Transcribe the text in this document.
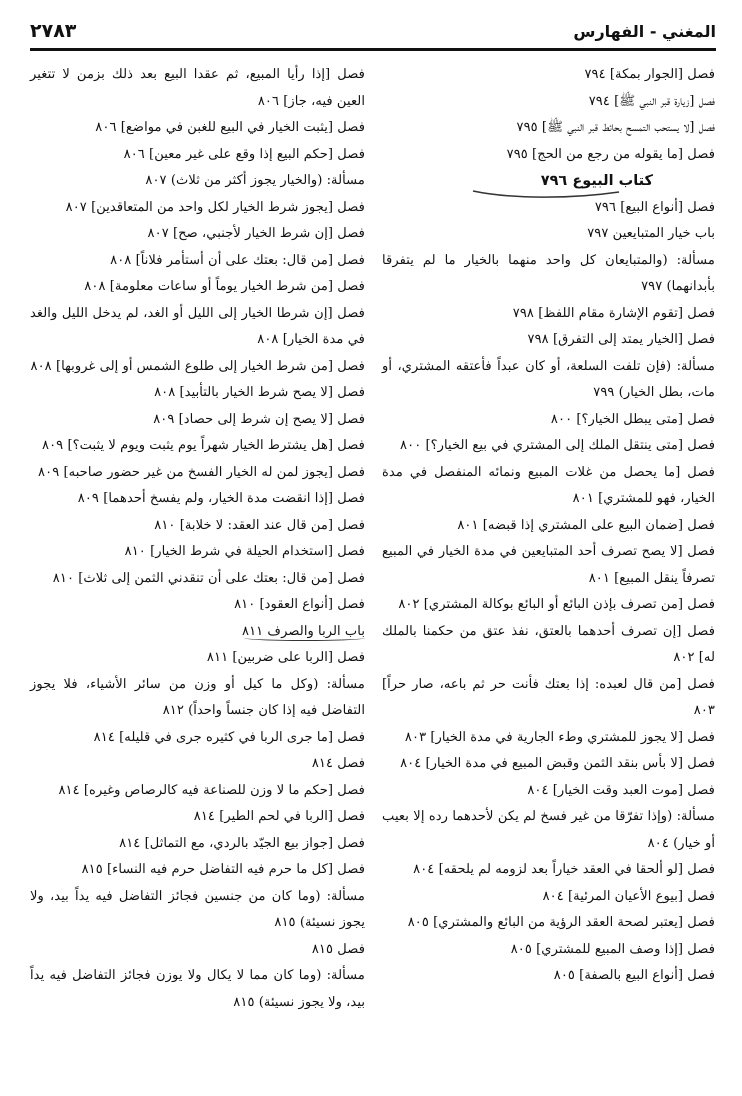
المغني - الفهارس
٢٧٨٣
فصل [الجوار بمكة] ٧٩٤
فصل [زيارة قبر النبي ﷺ] ٧٩٤
فصل [لا يستحب التمسح بحائط قبر النبي ﷺ] ٧٩٥
فصل [ما يقوله من رجع من الحج] ٧٩٥
كتاب البيوع ٧٩٦
فصل [أنواع البيع] ٧٩٦
باب خيار المتبايعين ٧٩٧
مسألة: (والمتبايعان كل واحد منهما بالخيار ما لم يتفرقا بأبدانهما) ٧٩٧
فصل [تقوم الإشارة مقام اللفظ] ٧٩٨
فصل [الخيار يمتد إلى التفرق] ٧٩٨
مسألة: (فإن تلفت السلعة، أو كان عبداً فأعتقه المشتري، أو مات، بطل الخيار) ٧٩٩
فصل [متى يبطل الخيار؟] ٨٠٠
فصل [متى ينتقل الملك إلى المشتري في بيع الخيار؟] ٨٠٠
فصل [ما يحصل من غلات المبيع ونمائه المنفصل في مدة الخيار، فهو للمشتري] ٨٠١
فصل [ضمان البيع على المشتري إذا قبضه] ٨٠١
فصل [لا يصح تصرف أحد المتبايعين في مدة الخيار في المبيع تصرفاً ينقل المبيع] ٨٠١
فصل [من تصرف بإذن البائع أو البائع بوكالة المشتري] ٨٠٢
فصل [إن تصرف أحدهما بالعتق، نفذ عتق من حكمنا بالملك له] ٨٠٢
فصل [من قال لعبده: إذا بعتك فأنت حر ثم باعه، صار حراً] ٨٠٣
فصل [لا يجوز للمشتري وطء الجارية في مدة الخيار] ٨٠٣
فصل [لا بأس بنقد الثمن وقبض المبيع في مدة الخيار] ٨٠٤
فصل [موت العبد وقت الخيار] ٨٠٤
مسألة: (وإذا تفرّقا من غير فسخ لم يكن لأحدهما رده إلا بعيب أو خيار) ٨٠٤
فصل [لو ألحقا في العقد خياراً بعد لزومه لم يلحقه] ٨٠٤
فصل [بيوع الأعيان المرئية] ٨٠٤
فصل [يعتبر لصحة العقد الرؤية من البائع والمشتري] ٨٠٥
فصل [إذا وصف المبيع للمشتري] ٨٠٥
فصل [أنواع البيع بالصفة] ٨٠٥
فصل [إذا رأيا المبيع، ثم عقدا البيع بعد ذلك بزمن لا تتغير العين فيه، جاز] ٨٠٦
فصل [يثبت الخيار في البيع للغبن في مواضع] ٨٠٦
فصل [حكم البيع إذا وقع على غير معين] ٨٠٦
مسألة: (والخيار يجوز أكثر من ثلاث) ٨٠٧
فصل [يجوز شرط الخيار لكل واحد من المتعاقدين] ٨٠٧
فصل [إن شرط الخيار لأجنبي، صح] ٨٠٧
فصل [من قال: بعتك على أن أستأمر فلاناً] ٨٠٨
فصل [من شرط الخيار يوماً أو ساعات معلومة] ٨٠٨
فصل [إن شرطا الخيار إلى الليل أو الغد، لم يدخل الليل والغد في مدة الخيار] ٨٠٨
فصل [من شرط الخيار إلى طلوع الشمس أو إلى غروبها] ٨٠٨
فصل [لا يصح شرط الخيار بالتأبيد] ٨٠٨
فصل [لا يصح إن شرط إلى حصاد] ٨٠٩
فصل [هل يشترط الخيار شهراً يوم يثبت ويوم لا يثبت؟] ٨٠٩
فصل [يجوز لمن له الخيار الفسخ من غير حضور صاحبه] ٨٠٩
فصل [إذا انقضت مدة الخيار، ولم يفسخ أحدهما] ٨٠٩
فصل [من قال عند العقد: لا خلابة] ٨١٠
فصل [استخدام الحيلة في شرط الخيار] ٨١٠
فصل [من قال: بعتك على أن تنقدني الثمن إلى ثلاث] ٨١٠
فصل [أنواع العقود] ٨١٠
باب الربا والصرف ٨١١
فصل [الربا على ضربين] ٨١١
مسألة: (وكل ما كيل أو وزن من سائر الأشياء، فلا يجوز التفاضل فيه إذا كان جنساً واحداً) ٨١٢
فصل [ما جرى الربا في كثيره جرى في قليله] ٨١٤
فصل ٨١٤
فصل [حكم ما لا وزن للصناعة فيه كالرصاص وغيره] ٨١٤
فصل [الربا في لحم الطير] ٨١٤
فصل [جواز بيع الجيّد بالردي، مع التماثل] ٨١٤
فصل [كل ما حرم فيه التفاضل حرم فيه النساء] ٨١٥
مسألة: (وما كان من جنسين فجائز التفاضل فيه يداً بيد، ولا يجوز نسيئة) ٨١٥
فصل ٨١٥
مسألة: (وما كان مما لا يكال ولا يوزن فجائز التفاضل فيه يداً بيد، ولا يجوز نسيئة) ٨١٥
